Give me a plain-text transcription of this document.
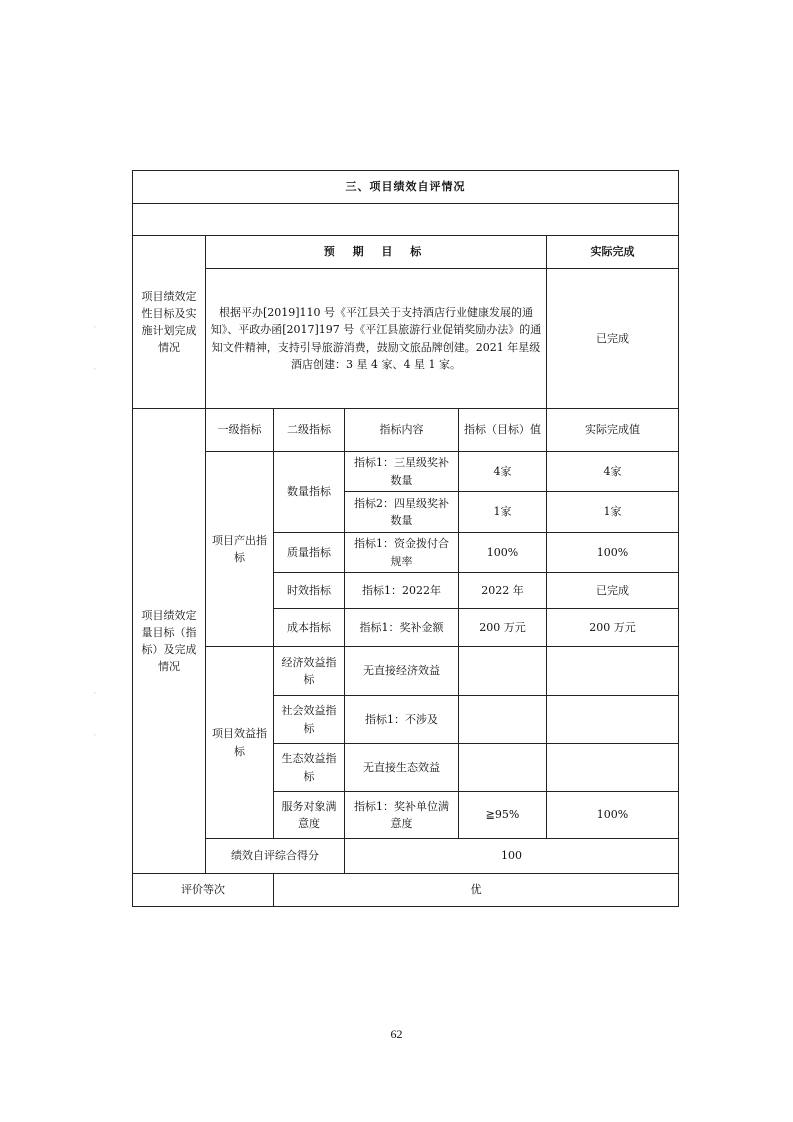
三、项目绩效自评情况					

项目绩效定性目标及实施计划完成情况	预 期 目 标				实际完成
	根据平办[2019]110 号《平江县关于支持酒店行业健康发展的通知》、平政办函[2017]197 号《平江县旅游行业促销奖励办法》的通知文件精神，支持引导旅游消费，鼓励文旅品牌创建。2021 年星级酒店创建：3 星 4 家、4 星 1 家。				已完成
项目绩效定量目标（指标）及完成情况	一级指标	二级指标	指标内容	指标（目标）值	实际完成值
	项目产出指标	数量指标	指标1：三星级奖补数量	4家	4家
			指标2：四星级奖补数量	1家	1家
		质量指标	指标1：资金拨付合规率	100%	100%
		时效指标	指标1：2022年	2022 年	已完成
		成本指标	指标1：奖补金额	200 万元	200 万元
	项目效益指标	经济效益指标	无直接经济效益		
		社会效益指标	指标1：不涉及		
		生态效益指标	无直接生态效益		
		服务对象满意度	指标1：奖补单位满意度	≧95%	100%
	绩效自评综合得分		100		
评价等次		优			
62
◦
◦
◦
◦
